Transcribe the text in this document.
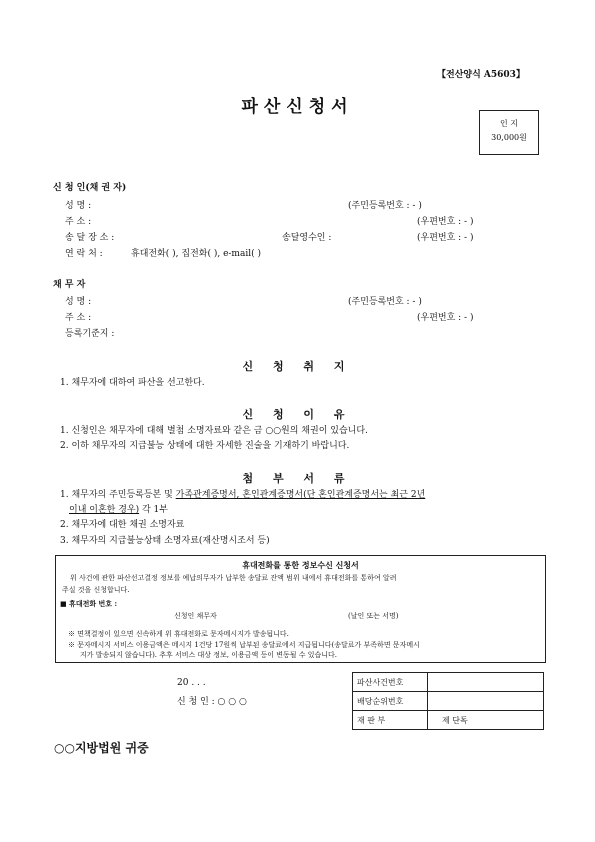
【전산양식 A5603】
파산신청서
인 지
30,000원
신 청 인(채 권 자)
성 명 :	(주민등록번호 : - )
주 소 :	(우편번호 : - )
송 달 장 소 :	송달영수인 :	(우편번호 : - )
연 락 처 :	휴대전화( ), 집전화( ), e-mail( )
채 무 자
성 명 :	(주민등록번호 : - )
주 소 :	(우편번호 : - )
등록기준지 :
신 청 취 지
1. 채무자에 대하여 파산을 선고한다.
신 청 이 유
1. 신청인은 채무자에 대해 별첨 소명자료와 같은 금 ○○원의 채권이 있습니다.
2. 이하 채무자의 지급불능 상태에 대한 자세한 진술을 기재하기 바랍니다.
첨 부 서 류
1. 채무자의 주민등록등본 및 가족관계증명서, 혼인관계증명서(단 혼인관계증명서는 최근 2년
이내 이혼한 경우) 각 1부
2. 채무자에 대한 채권 소명자료
3. 채무자의 지급불능상태 소명자료(재산명시조서 등)
휴대전화를 통한 정보수신 신청서
위 사건에 관한 파산선고결정 정보를 예납의무자가 납부한 송달료 잔액 범위 내에서 휴대전화를 통하여 알려
주실 것을 신청합니다.
■ 휴대전화 번호 :
신청인 채무자	(날인 또는 서명)
※ 면책결정이 있으면 신속하게 위 휴대전화로 문자메시지가 발송됩니다.
※ 문자메시지 서비스 이용금액은 메시지 1건당 17원씩 납부된 송달료에서 지급됩니다(송달료가 부족하면 문자메시
지가 발송되지 않습니다). 추후 서비스 대상 정보, 이용금액 등이 변동될 수 있습니다.
20 . . .
신 청 인 : ○ ○ ○
파산사건번호	
배당순위번호	
재 판 부	제 단독
○○지방법원 귀중
